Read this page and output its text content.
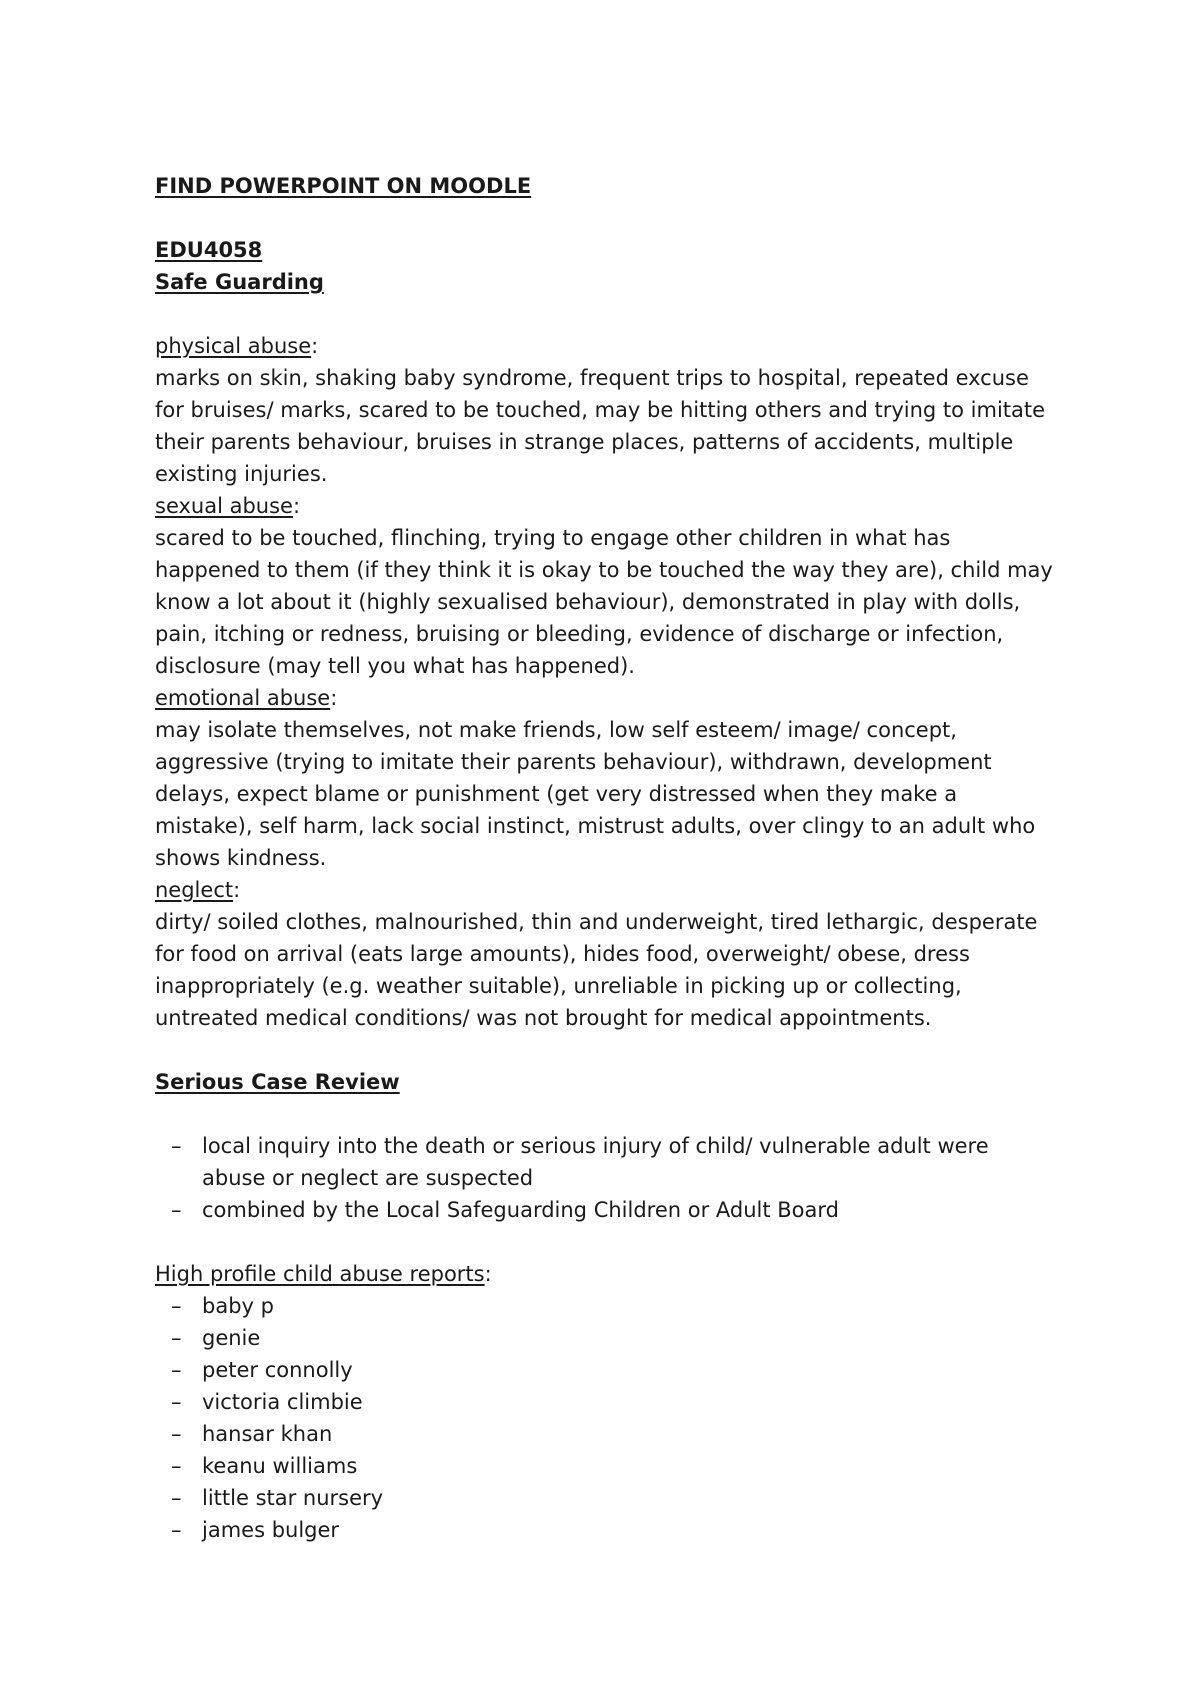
FIND POWERPOINT ON MOODLE

EDU4058

Safe Guarding

physical abuse:

marks on skin, shaking baby syndrome, frequent trips to hospital, repeated excuse for bruises/ marks, scared to be touched, may be hitting others and trying to imitate their parents behaviour, bruises in strange places, patterns of accidents, multiple existing injuries.

sexual abuse:

scared to be touched, flinching, trying to engage other children in what has happened to them (if they think it is okay to be touched the way they are), child may know a lot about it (highly sexualised behaviour), demonstrated in play with dolls, pain, itching or redness, bruising or bleeding, evidence of discharge or infection, disclosure (may tell you what has happened).

emotional abuse:

may isolate themselves, not make friends, low self esteem/ image/ concept, aggressive (trying to imitate their parents behaviour), withdrawn, development delays, expect blame or punishment (get very distressed when they make a mistake), self harm, lack social instinct, mistrust adults, over clingy to an adult who shows kindness.

neglect:

dirty/ soiled clothes, malnourished, thin and underweight, tired lethargic, desperate for food on arrival (eats large amounts), hides food, overweight/ obese, dress inappropriately (e.g. weather suitable), unreliable in picking up or collecting, untreated medical conditions/ was not brought for medical appointments.

Serious Case Review

– local inquiry into the death or serious injury of child/ vulnerable adult were abuse or neglect are suspected
– combined by the Local Safeguarding Children or Adult Board

High profile child abuse reports:

– baby p
– genie
– peter connolly
– victoria climbie
– hansar khan
– keanu williams
– little star nursery
– james bulger
